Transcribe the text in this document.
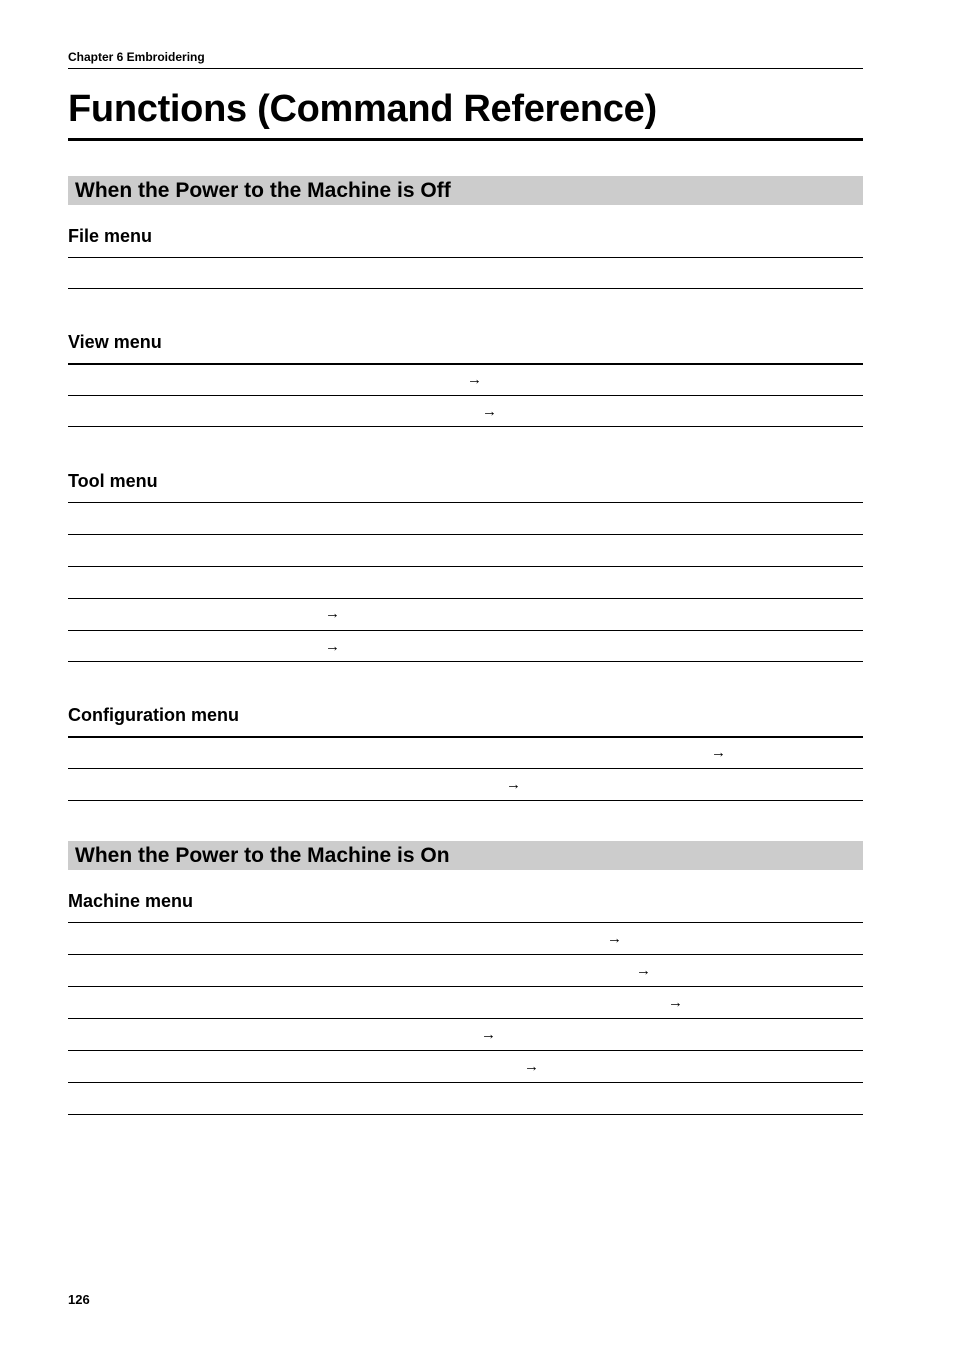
Chapter 6 Embroidering
Functions (Command Reference)
When the Power to the Machine is Off
File menu
View menu
→
→
Tool menu
→
→
Configuration menu
→
→
When the Power to the Machine is On
Machine menu
→
→
→
→
→
126
